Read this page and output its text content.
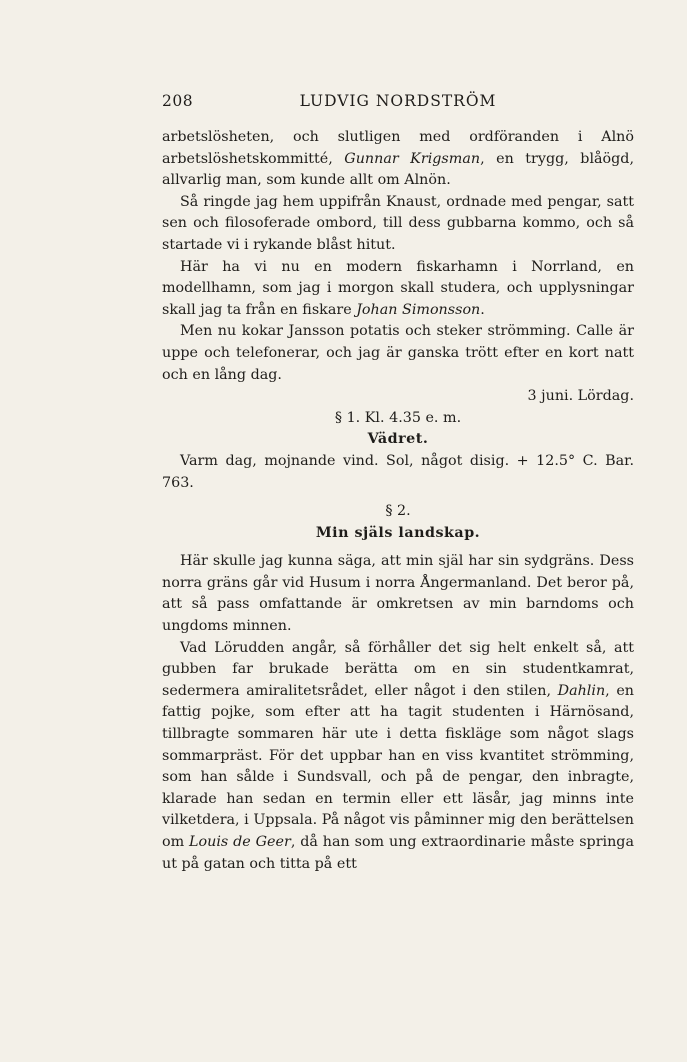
208	LUDVIG NORDSTRÖM

arbetslösheten, och slutligen med ordföranden i Alnö arbetslöshetskommitté, Gunnar Krigsman, en trygg, blåögd, allvarlig man, som kunde allt om Alnön.

Så ringde jag hem uppifrån Knaust, ordnade med pengar, satt sen och filosoferade ombord, till dess gubbarna kommo, och så startade vi i rykande blåst hitut.

Här ha vi nu en modern fiskarhamn i Norrland, en modellhamn, som jag i morgon skall studera, och upplysningar skall jag ta från en fiskare Johan Simonsson.

Men nu kokar Jansson potatis och steker strömming. Calle är uppe och telefonerar, och jag är ganska trött efter en kort natt och en lång dag.

3 juni. Lördag.

§ 1. Kl. 4.35 e. m.

Vädret.

Varm dag, mojnande vind. Sol, något disig. + 12.5° C. Bar. 763.

§ 2.

Min själs landskap.

Här skulle jag kunna säga, att min själ har sin sydgräns. Dess norra gräns går vid Husum i norra Ångermanland. Det beror på, att så pass omfattande är omkretsen av min barndoms och ungdoms minnen.

Vad Lörudden angår, så förhåller det sig helt enkelt så, att gubben far brukade berätta om en sin studentkamrat, sedermera amiralitetsrådet, eller något i den stilen, Dahlin, en fattig pojke, som efter att ha tagit studenten i Härnösand, tillbragte sommaren här ute i detta fiskläge som något slags sommarpräst. För det uppbar han en viss kvantitet strömming, som han sålde i Sundsvall, och på de pengar, den inbragte, klarade han sedan en termin eller ett läsår, jag minns inte vilketdera, i Uppsala. På något vis påminner mig den berättelsen om Louis de Geer, då han som ung extraordinarie måste springa ut på gatan och titta på ett
